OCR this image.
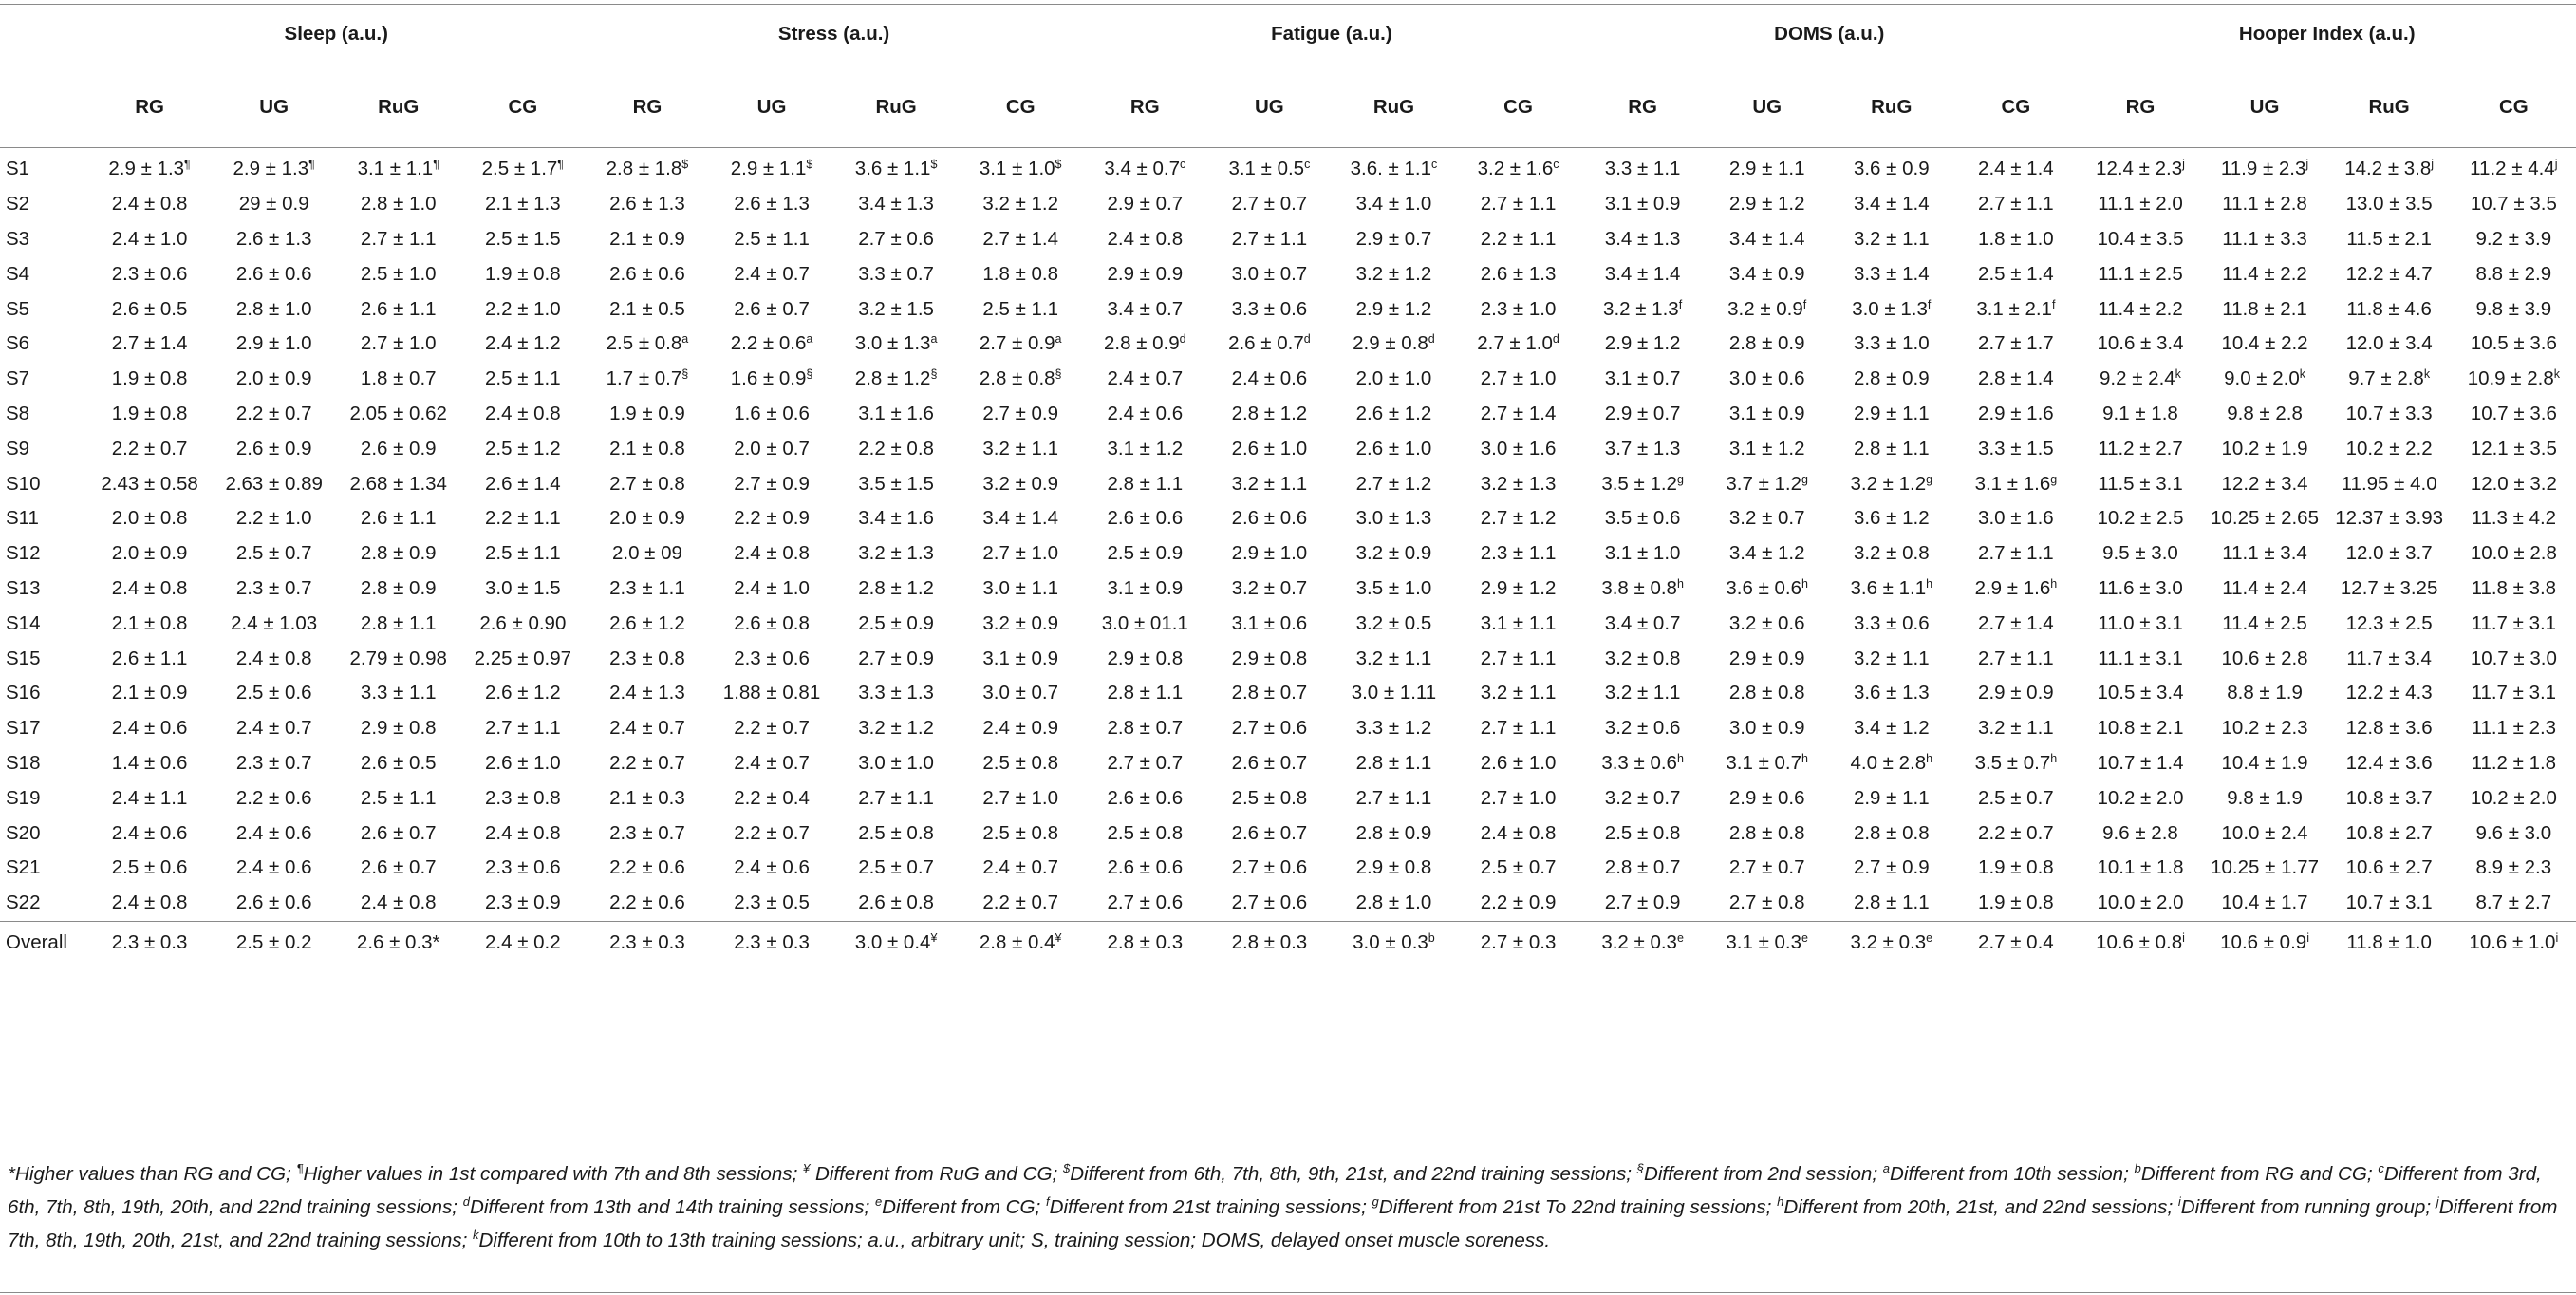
	Sleep (a.u.)				Stress (a.u.)				Fatigue (a.u.)				DOMS (a.u.)				Hooper Index (a.u.)			

	RG	UG	RuG	CG	RG	UG	RuG	CG	RG	UG	RuG	CG	RG	UG	RuG	CG	RG	UG	RuG	CG
S1	2.9 ± 1.3¶	2.9 ± 1.3¶	3.1 ± 1.1¶	2.5 ± 1.7¶	2.8 ± 1.8$	2.9 ± 1.1$	3.6 ± 1.1$	3.1 ± 1.0$	3.4 ± 0.7$^c$	3.1 ± 0.5$^c$	3.6. ± 1.1$^c$	3.2 ± 1.6$^c$	3.3 ± 1.1	2.9 ± 1.1	3.6 ± 0.9	2.4 ± 1.4	$12.4 \pm 2.3^j$	$11.9 \pm 2.3^j$	$14.2 \pm 3.8^j$	$11.2 \pm 4.4^j$
S2	2.4 ± 0.8	29 ± 0.9	2.8 ± 1.0	2.1 ± 1.3	2.6 ± 1.3	2.6 ± 1.3	3.4 ± 1.3	3.2 ± 1.2	2.9 ± 0.7	2.7 ± 0.7	3.4 ± 1.0	2.7 ± 1.1	3.1 ± 0.9	2.9 ± 1.2	3.4 ± 1.4	2.7 ± 1.1	11.1 ± 2.0	11.1 ± 2.8	13.0 ± 3.5	10.7 ± 3.5
S3	2.4 ± 1.0	2.6 ± 1.3	2.7 ± 1.1	2.5 ± 1.5	2.1 ± 0.9	2.5 ± 1.1	2.7 ± 0.6	2.7 ± 1.4	2.4 ± 0.8	2.7 ± 1.1	2.9 ± 0.7	2.2 ± 1.1	3.4 ± 1.3	3.4 ± 1.4	3.2 ± 1.1	1.8 ± 1.0	10.4 ± 3.5	11.1 ± 3.3	11.5 ± 2.1	9.2 ± 3.9
S4	2.3 ± 0.6	2.6 ± 0.6	2.5 ± 1.0	1.9 ± 0.8	2.6 ± 0.6	2.4 ± 0.7	3.3 ± 0.7	1.8 ± 0.8	2.9 ± 0.9	3.0 ± 0.7	3.2 ± 1.2	2.6 ± 1.3	3.4 ± 1.4	3.4 ± 0.9	3.3 ± 1.4	2.5 ± 1.4	11.1 ± 2.5	11.4 ± 2.2	12.2 ± 4.7	8.8 ± 2.9
S5	2.6 ± 0.5	2.8 ± 1.0	2.6 ± 1.1	2.2 ± 1.0	2.1 ± 0.5	2.6 ± 0.7	3.2 ± 1.5	2.5 ± 1.1	3.4 ± 0.7	3.3 ± 0.6	2.9 ± 1.2	2.3 ± 1.0	3.2 ± 1.3$^f$	3.2 ± 0.9$^f$	3.0 ± 1.3$^f$	3.1 ± 2.1$^f$	11.4 ± 2.2	11.8 ± 2.1	11.8 ± 4.6	9.8 ± 3.9
S6	2.7 ± 1.4	2.9 ± 1.0	2.7 ± 1.0	2.4 ± 1.2	2.5 ± 0.8$^a$	2.2 ± 0.6$^a$	3.0 ± 1.3$^a$	2.7 ± 0.9$^a$	2.8 ± 0.9$^d$	2.6 ± 0.7$^d$	2.9 ± 0.8$^d$	2.7 ± 1.0$^d$	2.9 ± 1.2	2.8 ± 0.9	3.3 ± 1.0	2.7 ± 1.7	10.6 ± 3.4	10.4 ± 2.2	12.0 ± 3.4	10.5 ± 3.6
S7	1.9 ± 0.8	2.0 ± 0.9	1.8 ± 0.7	2.5 ± 1.1	1.7 ± 0.7§	1.6 ± 0.9§	2.8 ± 1.2§	2.8 ± 0.8§	2.4 ± 0.7	2.4 ± 0.6	2.0 ± 1.0	2.7 ± 1.0	3.1 ± 0.7	3.0 ± 0.6	2.8 ± 0.9	2.8 ± 1.4	$9.2 \pm 2.4^k$	$9.0 \pm 2.0^k$	$9.7 \pm 2.8^k$	$10.9 \pm 2.8^k$
S8	1.9 ± 0.8	2.2 ± 0.7	2.05 ± 0.62	2.4 ± 0.8	1.9 ± 0.9	1.6 ± 0.6	3.1 ± 1.6	2.7 ± 0.9	2.4 ± 0.6	2.8 ± 1.2	2.6 ± 1.2	2.7 ± 1.4	2.9 ± 0.7	3.1 ± 0.9	2.9 ± 1.1	2.9 ± 1.6	9.1 ± 1.8	9.8 ± 2.8	10.7 ± 3.3	10.7 ± 3.6
S9	2.2 ± 0.7	2.6 ± 0.9	2.6 ± 0.9	2.5 ± 1.2	2.1 ± 0.8	2.0 ± 0.7	2.2 ± 0.8	3.2 ± 1.1	3.1 ± 1.2	2.6 ± 1.0	2.6 ± 1.0	3.0 ± 1.6	3.7 ± 1.3	3.1 ± 1.2	2.8 ± 1.1	3.3 ± 1.5	11.2 ± 2.7	10.2 ± 1.9	10.2 ± 2.2	12.1 ± 3.5
S10	2.43 ± 0.58	2.63 ± 0.89	2.68 ± 1.34	2.6 ± 1.4	2.7 ± 0.8	2.7 ± 0.9	3.5 ± 1.5	3.2 ± 0.9	2.8 ± 1.1	3.2 ± 1.1	2.7 ± 1.2	3.2 ± 1.3	3.5 ± 1.2$^g$	3.7 ± 1.2$^g$	3.2 ± 1.2$^g$	3.1 ± 1.6$^g$	11.5 ± 3.1	12.2 ± 3.4	11.95 ± 4.0	12.0 ± 3.2
S11	2.0 ± 0.8	2.2 ± 1.0	2.6 ± 1.1	2.2 ± 1.1	2.0 ± 0.9	2.2 ± 0.9	3.4 ± 1.6	3.4 ± 1.4	2.6 ± 0.6	2.6 ± 0.6	3.0 ± 1.3	2.7 ± 1.2	3.5 ± 0.6	3.2 ± 0.7	3.6 ± 1.2	3.0 ± 1.6	10.2 ± 2.5	10.25 ± 2.65	12.37 ± 3.93	11.3 ± 4.2
S12	2.0 ± 0.9	2.5 ± 0.7	2.8 ± 0.9	2.5 ± 1.1	2.0 ± 09	2.4 ± 0.8	3.2 ± 1.3	2.7 ± 1.0	2.5 ± 0.9	2.9 ± 1.0	3.2 ± 0.9	2.3 ± 1.1	3.1 ± 1.0	3.4 ± 1.2	3.2 ± 0.8	2.7 ± 1.1	9.5 ± 3.0	11.1 ± 3.4	12.0 ± 3.7	10.0 ± 2.8
S13	2.4 ± 0.8	2.3 ± 0.7	2.8 ± 0.9	3.0 ± 1.5	2.3 ± 1.1	2.4 ± 1.0	2.8 ± 1.2	3.0 ± 1.1	3.1 ± 0.9	3.2 ± 0.7	3.5 ± 1.0	2.9 ± 1.2	3.8 ± 0.8$^h$	3.6 ± 0.6$^h$	3.6 ± 1.1$^h$	2.9 ± 1.6$^h$	11.6 ± 3.0	11.4 ± 2.4	12.7 ± 3.25	11.8 ± 3.8
S14	2.1 ± 0.8	2.4 ± 1.03	2.8 ± 1.1	2.6 ± 0.90	2.6 ± 1.2	2.6 ± 0.8	2.5 ± 0.9	3.2 ± 0.9	3.0 ± 01.1	3.1 ± 0.6	3.2 ± 0.5	3.1 ± 1.1	3.4 ± 0.7	3.2 ± 0.6	3.3 ± 0.6	2.7 ± 1.4	11.0 ± 3.1	11.4 ± 2.5	12.3 ± 2.5	11.7 ± 3.1
S15	2.6 ± 1.1	2.4 ± 0.8	2.79 ± 0.98	2.25 ± 0.97	2.3 ± 0.8	2.3 ± 0.6	2.7 ± 0.9	3.1 ± 0.9	2.9 ± 0.8	2.9 ± 0.8	3.2 ± 1.1	2.7 ± 1.1	3.2 ± 0.8	2.9 ± 0.9	3.2 ± 1.1	2.7 ± 1.1	11.1 ± 3.1	10.6 ± 2.8	11.7 ± 3.4	10.7 ± 3.0
S16	2.1 ± 0.9	2.5 ± 0.6	3.3 ± 1.1	2.6 ± 1.2	2.4 ± 1.3	1.88 ± 0.81	3.3 ± 1.3	3.0 ± 0.7	2.8 ± 1.1	2.8 ± 0.7	3.0 ± 1.11	3.2 ± 1.1	3.2 ± 1.1	2.8 ± 0.8	3.6 ± 1.3	2.9 ± 0.9	10.5 ± 3.4	8.8 ± 1.9	12.2 ± 4.3	11.7 ± 3.1
S17	2.4 ± 0.6	2.4 ± 0.7	2.9 ± 0.8	2.7 ± 1.1	2.4 ± 0.7	2.2 ± 0.7	3.2 ± 1.2	2.4 ± 0.9	2.8 ± 0.7	2.7 ± 0.6	3.3 ± 1.2	2.7 ± 1.1	3.2 ± 0.6	3.0 ± 0.9	3.4 ± 1.2	3.2 ± 1.1	10.8 ± 2.1	10.2 ± 2.3	12.8 ± 3.6	11.1 ± 2.3
S18	1.4 ± 0.6	2.3 ± 0.7	2.6 ± 0.5	2.6 ± 1.0	2.2 ± 0.7	2.4 ± 0.7	3.0 ± 1.0	2.5 ± 0.8	2.7 ± 0.7	2.6 ± 0.7	2.8 ± 1.1	2.6 ± 1.0	3.3 ± 0.6$^h$	3.1 ± 0.7$^h$	4.0 ± 2.8$^h$	3.5 ± 0.7$^h$	10.7 ± 1.4	10.4 ± 1.9	12.4 ± 3.6	11.2 ± 1.8
S19	2.4 ± 1.1	2.2 ± 0.6	2.5 ± 1.1	2.3 ± 0.8	2.1 ± 0.3	2.2 ± 0.4	2.7 ± 1.1	2.7 ± 1.0	2.6 ± 0.6	2.5 ± 0.8	2.7 ± 1.1	2.7 ± 1.0	3.2 ± 0.7	2.9 ± 0.6	2.9 ± 1.1	2.5 ± 0.7	10.2 ± 2.0	9.8 ± 1.9	10.8 ± 3.7	10.2 ± 2.0
S20	2.4 ± 0.6	2.4 ± 0.6	2.6 ± 0.7	2.4 ± 0.8	2.3 ± 0.7	2.2 ± 0.7	2.5 ± 0.8	2.5 ± 0.8	2.5 ± 0.8	2.6 ± 0.7	2.8 ± 0.9	2.4 ± 0.8	2.5 ± 0.8	2.8 ± 0.8	2.8 ± 0.8	2.2 ± 0.7	9.6 ± 2.8	10.0 ± 2.4	10.8 ± 2.7	9.6 ± 3.0
S21	2.5 ± 0.6	2.4 ± 0.6	2.6 ± 0.7	2.3 ± 0.6	2.2 ± 0.6	2.4 ± 0.6	2.5 ± 0.7	2.4 ± 0.7	2.6 ± 0.6	2.7 ± 0.6	2.9 ± 0.8	2.5 ± 0.7	2.8 ± 0.7	2.7 ± 0.7	2.7 ± 0.9	1.9 ± 0.8	10.1 ± 1.8	10.25 ± 1.77	10.6 ± 2.7	8.9 ± 2.3
S22	2.4 ± 0.8	2.6 ± 0.6	2.4 ± 0.8	2.3 ± 0.9	2.2 ± 0.6	2.3 ± 0.5	2.6 ± 0.8	2.2 ± 0.7	2.7 ± 0.6	2.7 ± 0.6	2.8 ± 1.0	2.2 ± 0.9	2.7 ± 0.9	2.7 ± 0.8	2.8 ± 1.1	1.9 ± 0.8	10.0 ± 2.0	10.4 ± 1.7	10.7 ± 3.1	8.7 ± 2.7
Overall	2.3 ± 0.3	2.5 ± 0.2	2.6 ± 0.3*	2.4 ± 0.2	2.3 ± 0.3	2.3 ± 0.3	3.0 ± 0.4¥	2.8 ± 0.4¥	2.8 ± 0.3	2.8 ± 0.3	3.0 ± 0.3$^b$	2.7 ± 0.3	3.2 ± 0.3$^e$	3.1 ± 0.3$^e$	3.2 ± 0.3$^e$	2.7 ± 0.4	$10.6 \pm 0.8^i$	$10.6 \pm 0.9^i$	11.8 ± 1.0	$10.6 \pm 1.0^i$
*Higher values than RG and CG; ¶Higher values in 1st compared with 7th and 8th sessions; ¥ Different from RuG and CG; $Different from 6th, 7th, 8th, 9th, 21st, and 22nd training sessions; §Different from 2nd session; $^a$Different from 10th session; $^b$Different from RG and CG; $^c$Different from 3rd, 6th, 7th, 8th, 19th, 20th, and 22nd training sessions; $^d$Different from 13th and 14th training sessions; $^e$Different from CG; $^f$Different from 21st training sessions; $^g$Different from 21st To 22nd training sessions; $^h$Different from 20th, 21st, and 22nd sessions; $^i$Different from running group; $^j$Different from 7th, 8th, 19th, 20th, 21st, and 22nd training sessions; $^k$Different from 10th to 13th training sessions; a.u., arbitrary unit; S, training session; DOMS, delayed onset muscle soreness.
